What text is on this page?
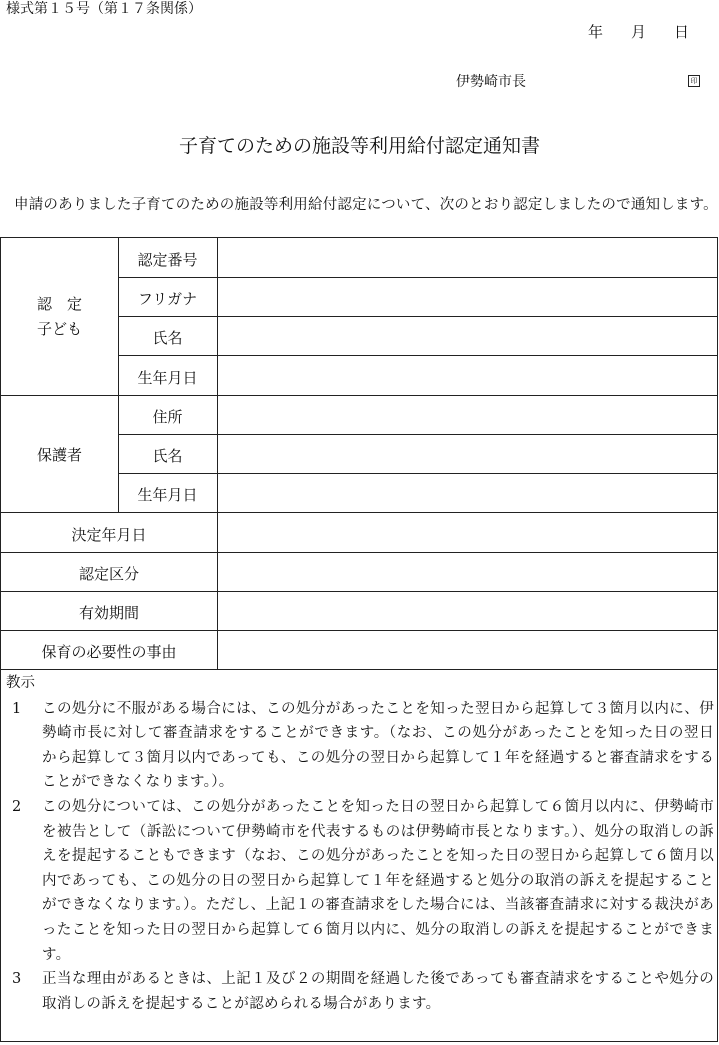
様式第１５号（第１７条関係）
年 月 日
伊勢崎市長	印
子育てのための施設等利用給付認定通知書
申請のありました子育てのための施設等利用給付認定について、次のとおり認定しましたので通知します。
認　定
子ども
認定番号
フリガナ
氏名
生年月日
保護者
住所
氏名
生年月日
決定年月日
認定区分
有効期間
保育の必要性の事由
教示
1 この処分に不服がある場合には、この処分があったことを知った翌日から起算して３箇月以内に、伊勢崎市長に対して審査請求をすることができます。（なお、この処分があったことを知った日の翌日から起算して３箇月以内であっても、この処分の翌日から起算して１年を経過すると審査請求をすることができなくなります。）。
2 この処分については、この処分があったことを知った日の翌日から起算して６箇月以内に、伊勢崎市を被告として（訴訟について伊勢崎市を代表するものは伊勢崎市長となります。）、処分の取消しの訴えを提起することもできます（なお、この処分があったことを知った日の翌日から起算して６箇月以内であっても、この処分の日の翌日から起算して１年を経過すると処分の取消の訴えを提起することができなくなります。）。ただし、上記１の審査請求をした場合には、当該審査請求に対する裁決があったことを知った日の翌日から起算して６箇月以内に、処分の取消しの訴えを提起することができます。
3 正当な理由があるときは、上記１及び２の期間を経過した後であっても審査請求をすることや処分の取消しの訴えを提起することが認められる場合があります。
